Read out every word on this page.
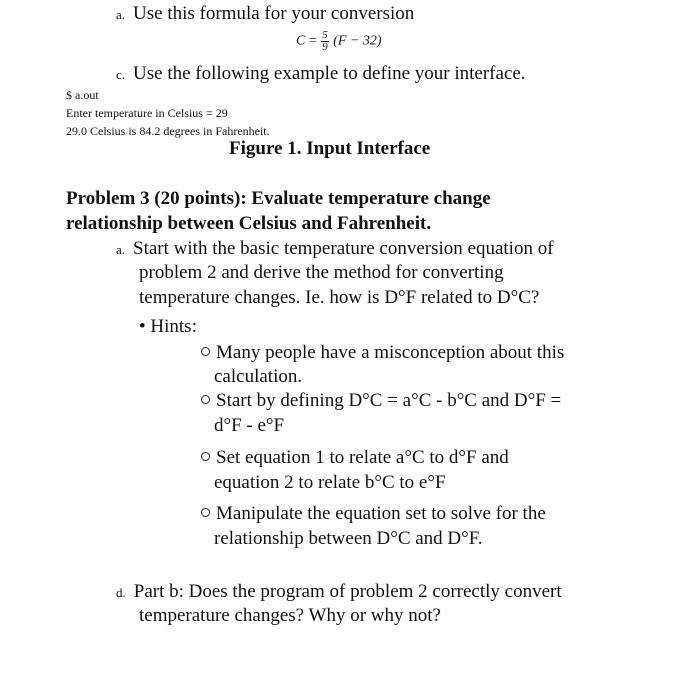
a. Use this formula for your conversion
$C = \frac{5}{9} (F - 32)$
c. Use the following example to define your interface.
$ a.out
Enter temperature in Celsius = 29
29.0 Celsius is 84.2 degrees in Fahrenheit.
Figure 1. Input Interface
Problem 3 (20 points): Evaluate temperature change
relationship between Celsius and Fahrenheit.
a. Start with the basic temperature conversion equation of
problem 2 and derive the method for converting
temperature changes. Ie. how is D°F related to D°C?
• Hints:
Many people have a misconception about this
calculation.
Start by defining D°C = a°C - b°C and D°F =
d°F - e°F
Set equation 1 to relate a°C to d°F and
equation 2 to relate b°C to e°F
Manipulate the equation set to solve for the
relationship between D°C and D°F.
d. Part b: Does the program of problem 2 correctly convert
temperature changes? Why or why not?
